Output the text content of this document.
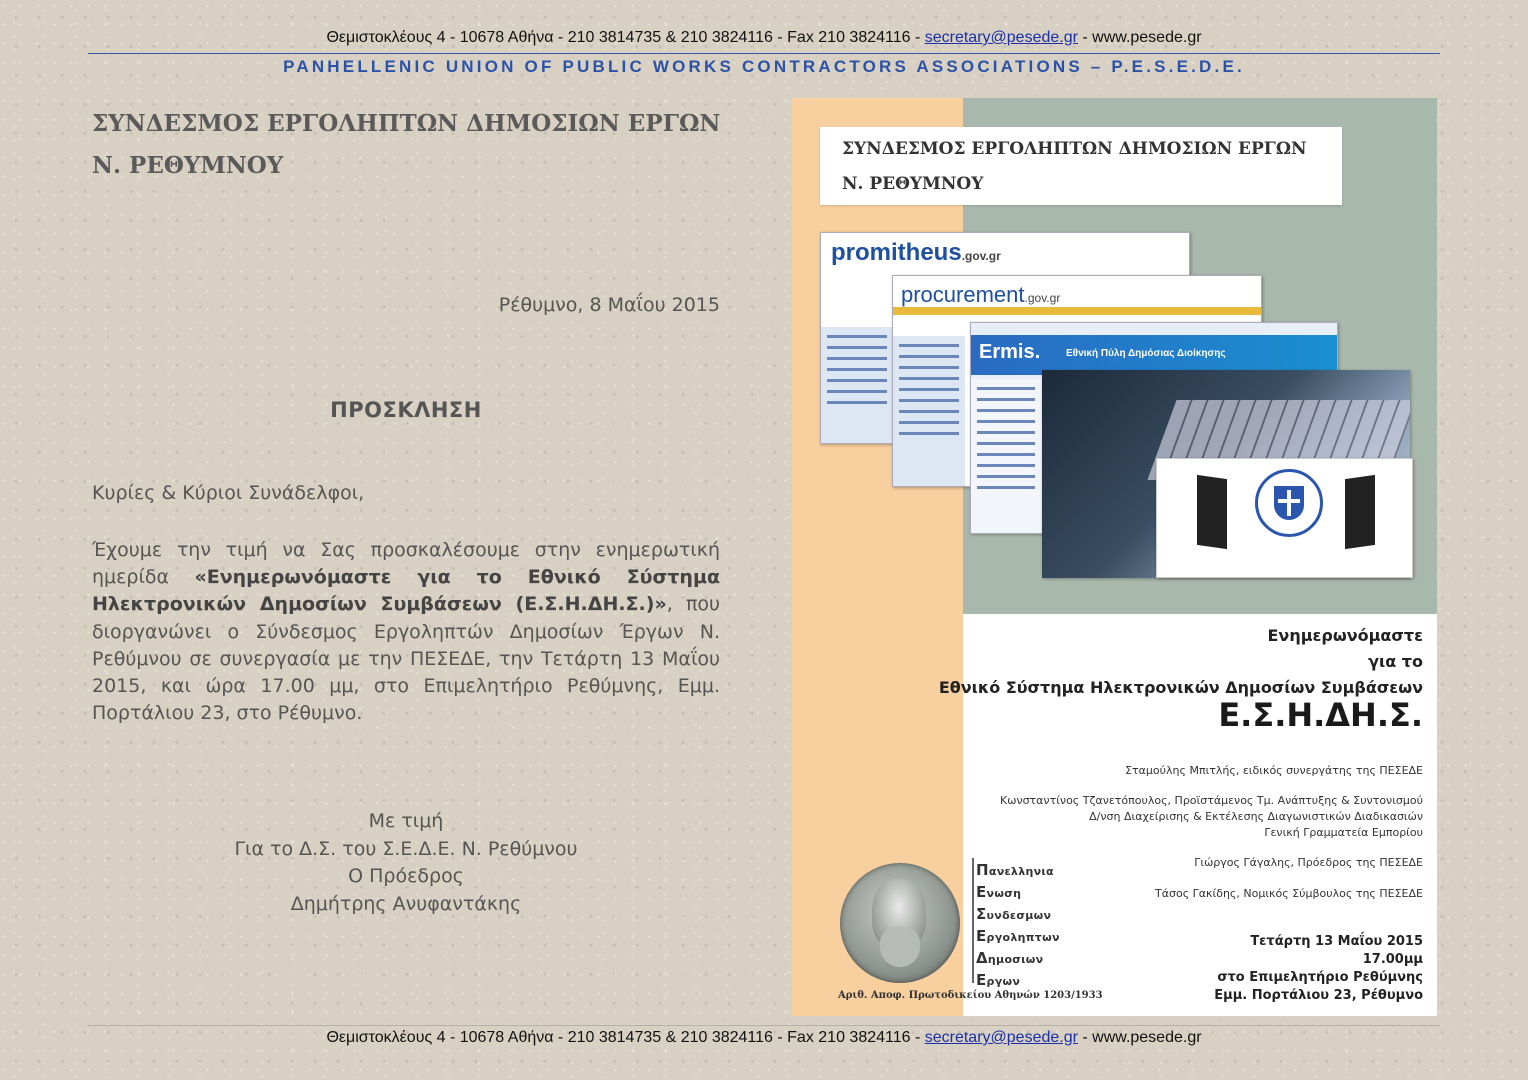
Θεμιστοκλέους 4 - 10678 Αθήνα - 210 3814735 & 210 3824116 - Fax 210 3824116 - secretary@pesede.gr - www.pesede.gr
PANHELLENIC UNION OF PUBLIC WORKS CONTRACTORS ASSOCIATIONS – P.E.S.E.D.E.
ΣΥΝΔΕΣΜΟΣ ΕΡΓΟΛΗΠΤΩΝ ΔΗΜΟΣΙΩΝ ΕΡΓΩΝ
Ν. ΡΕΘΥΜΝΟΥ
Ρέθυμνο, 8 Μαΐου 2015
ΠΡΟΣΚΛΗΣΗ
Κυρίες & Κύριοι Συνάδελφοι,
Έχουμε την τιμή να Σας προσκαλέσουμε στην ενημερωτική ημερίδα «Ενημερωνόμαστε για το Εθνικό Σύστημα Ηλεκτρονικών Δημοσίων Συμβάσεων (Ε.Σ.Η.ΔΗ.Σ.)», που διοργανώνει ο Σύνδεσμος Εργοληπτών Δημοσίων Έργων Ν. Ρεθύμνου σε συνεργασία με την ΠΕΣΕΔΕ, την Τετάρτη 13 Μαΐου 2015, και ώρα 17.00 μμ, στο Επιμελητήριο Ρεθύμνης, Εμμ. Πορτάλιου 23, στο Ρέθυμνο.
Με τιμή
Για το Δ.Σ. του Σ.Ε.Δ.Ε. Ν. Ρεθύμνου
Ο Πρόεδρος
Δημήτρης Ανυφαντάκης
ΣΥΝΔΕΣΜΟΣ ΕΡΓΟΛΗΠΤΩΝ ΔΗΜΟΣΙΩΝ ΕΡΓΩΝ
Ν. ΡΕΘΥΜΝΟΥ
promitheus.gov.gr
procurement.gov.gr
Ermis.	Εθνική Πύλη Δημόσιας Διοίκησης
Ενημερωνόμαστε
για το
Εθνικό Σύστημα Ηλεκτρονικών Δημοσίων Συμβάσεων
Ε.Σ.Η.ΔΗ.Σ.
Σταμούλης Μπιτλής, ειδικός συνεργάτης της ΠΕΣΕΔΕ
Κωνσταντίνος Τζανετόπουλος, Προϊστάμενος Τμ. Ανάπτυξης & Συντονισμού
Δ/νση Διαχείρισης & Εκτέλεσης Διαγωνιστικών Διαδικασιών
Γενική Γραμματεία Εμπορίου
Γιώργος Γάγαλης, Πρόεδρος της ΠΕΣΕΔΕ
Τάσος Γακίδης, Νομικός Σύμβουλος της ΠΕΣΕΔΕ
Τετάρτη 13 Μαΐου 2015
17.00μμ
στο Επιμελητήριο Ρεθύμνης
Εμμ. Πορτάλιου 23, Ρέθυμνο
Αριθ. Αποφ. Πρωτοδικείου Αθηνών 1203/1933
Πανελληνια
Ενωση
Συνδεσμων
Εργοληπτων
Δημοσιων
Εργων
Θεμιστοκλέους 4 - 10678 Αθήνα - 210 3814735 & 210 3824116 - Fax 210 3824116 - secretary@pesede.gr - www.pesede.gr
